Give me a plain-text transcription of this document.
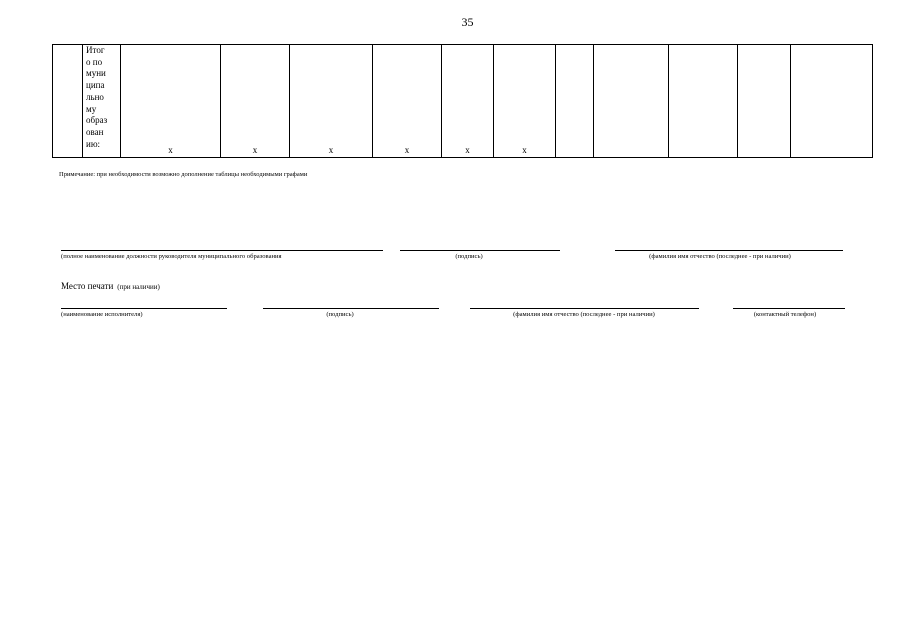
35

Итог
о по
муни
ципа
льно
му
образ
ован
ию:

x	x	x	x	x	x

Примечание: при необходимости возможно дополнение таблицы необходимыми графами
(полное наименование должности руководителя муниципального образования	(подпись)	(фамилия имя отчество (последнее - при наличии)
Место печати (при наличии)
(наименование исполнителя)	(подпись)	(фамилия имя отчество (последнее - при наличии)	(контактный телефон)
